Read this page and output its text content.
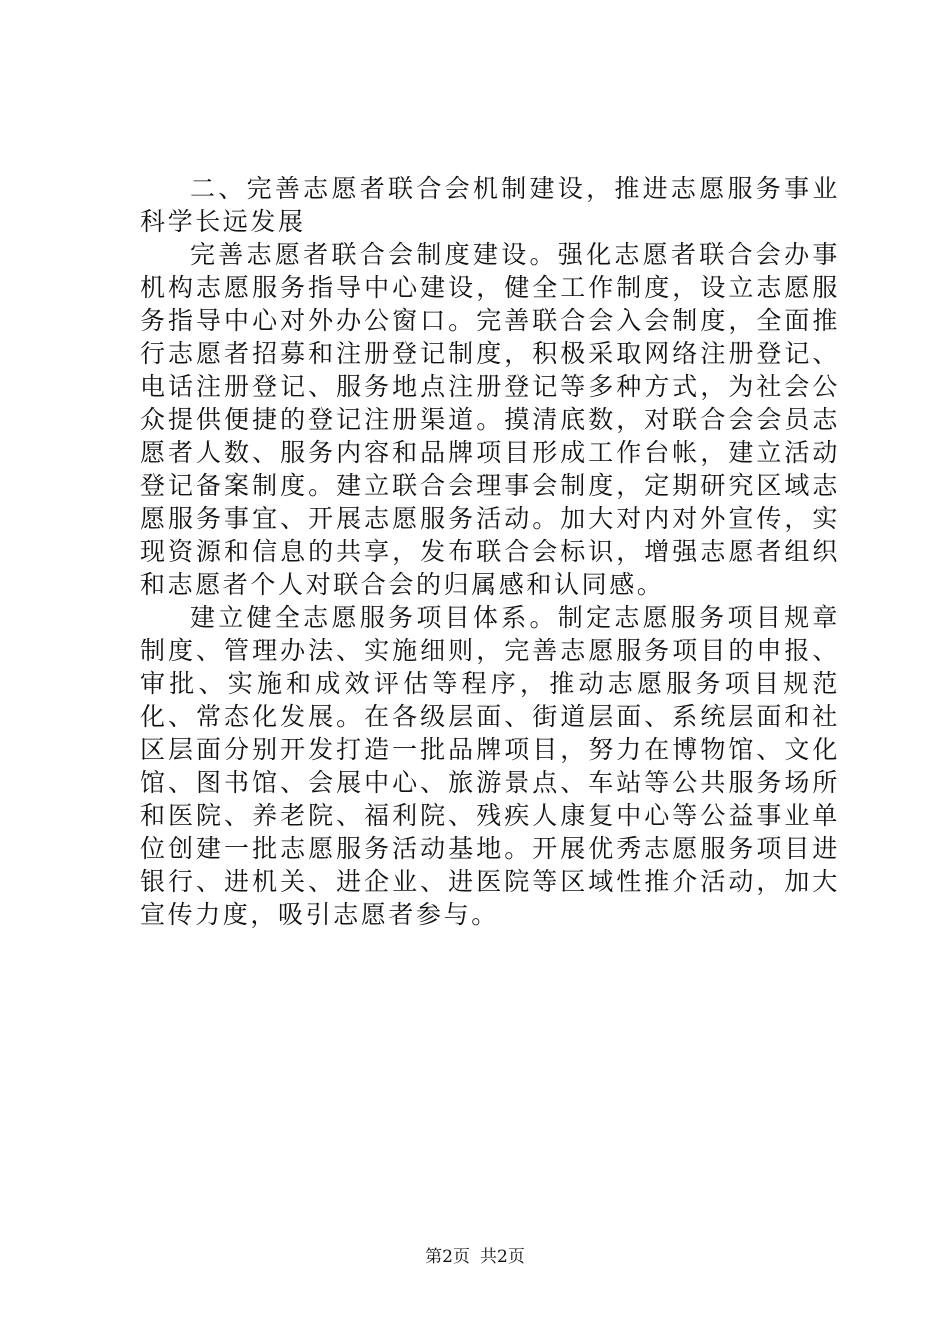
二、完善志愿者联合会机制建设，推进志愿服务事业科学长远发展

完善志愿者联合会制度建设。强化志愿者联合会办事机构志愿服务指导中心建设，健全工作制度，设立志愿服务指导中心对外办公窗口。完善联合会入会制度，全面推行志愿者招募和注册登记制度，积极采取网络注册登记、电话注册登记、服务地点注册登记等多种方式，为社会公众提供便捷的登记注册渠道。摸清底数，对联合会会员志愿者人数、服务内容和品牌项目形成工作台帐，建立活动登记备案制度。建立联合会理事会制度，定期研究区域志愿服务事宜、开展志愿服务活动。加大对内对外宣传，实现资源和信息的共享，发布联合会标识，增强志愿者组织和志愿者个人对联合会的归属感和认同感。

建立健全志愿服务项目体系。制定志愿服务项目规章制度、管理办法、实施细则，完善志愿服务项目的申报、审批、实施和成效评估等程序，推动志愿服务项目规范化、常态化发展。在各级层面、街道层面、系统层面和社区层面分别开发打造一批品牌项目，努力在博物馆、文化馆、图书馆、会展中心、旅游景点、车站等公共服务场所和医院、养老院、福利院、残疾人康复中心等公益事业单位创建一批志愿服务活动基地。开展优秀志愿服务项目进银行、进机关、进企业、进医院等区域性推介活动，加大宣传力度，吸引志愿者参与。

第2页 共2页
